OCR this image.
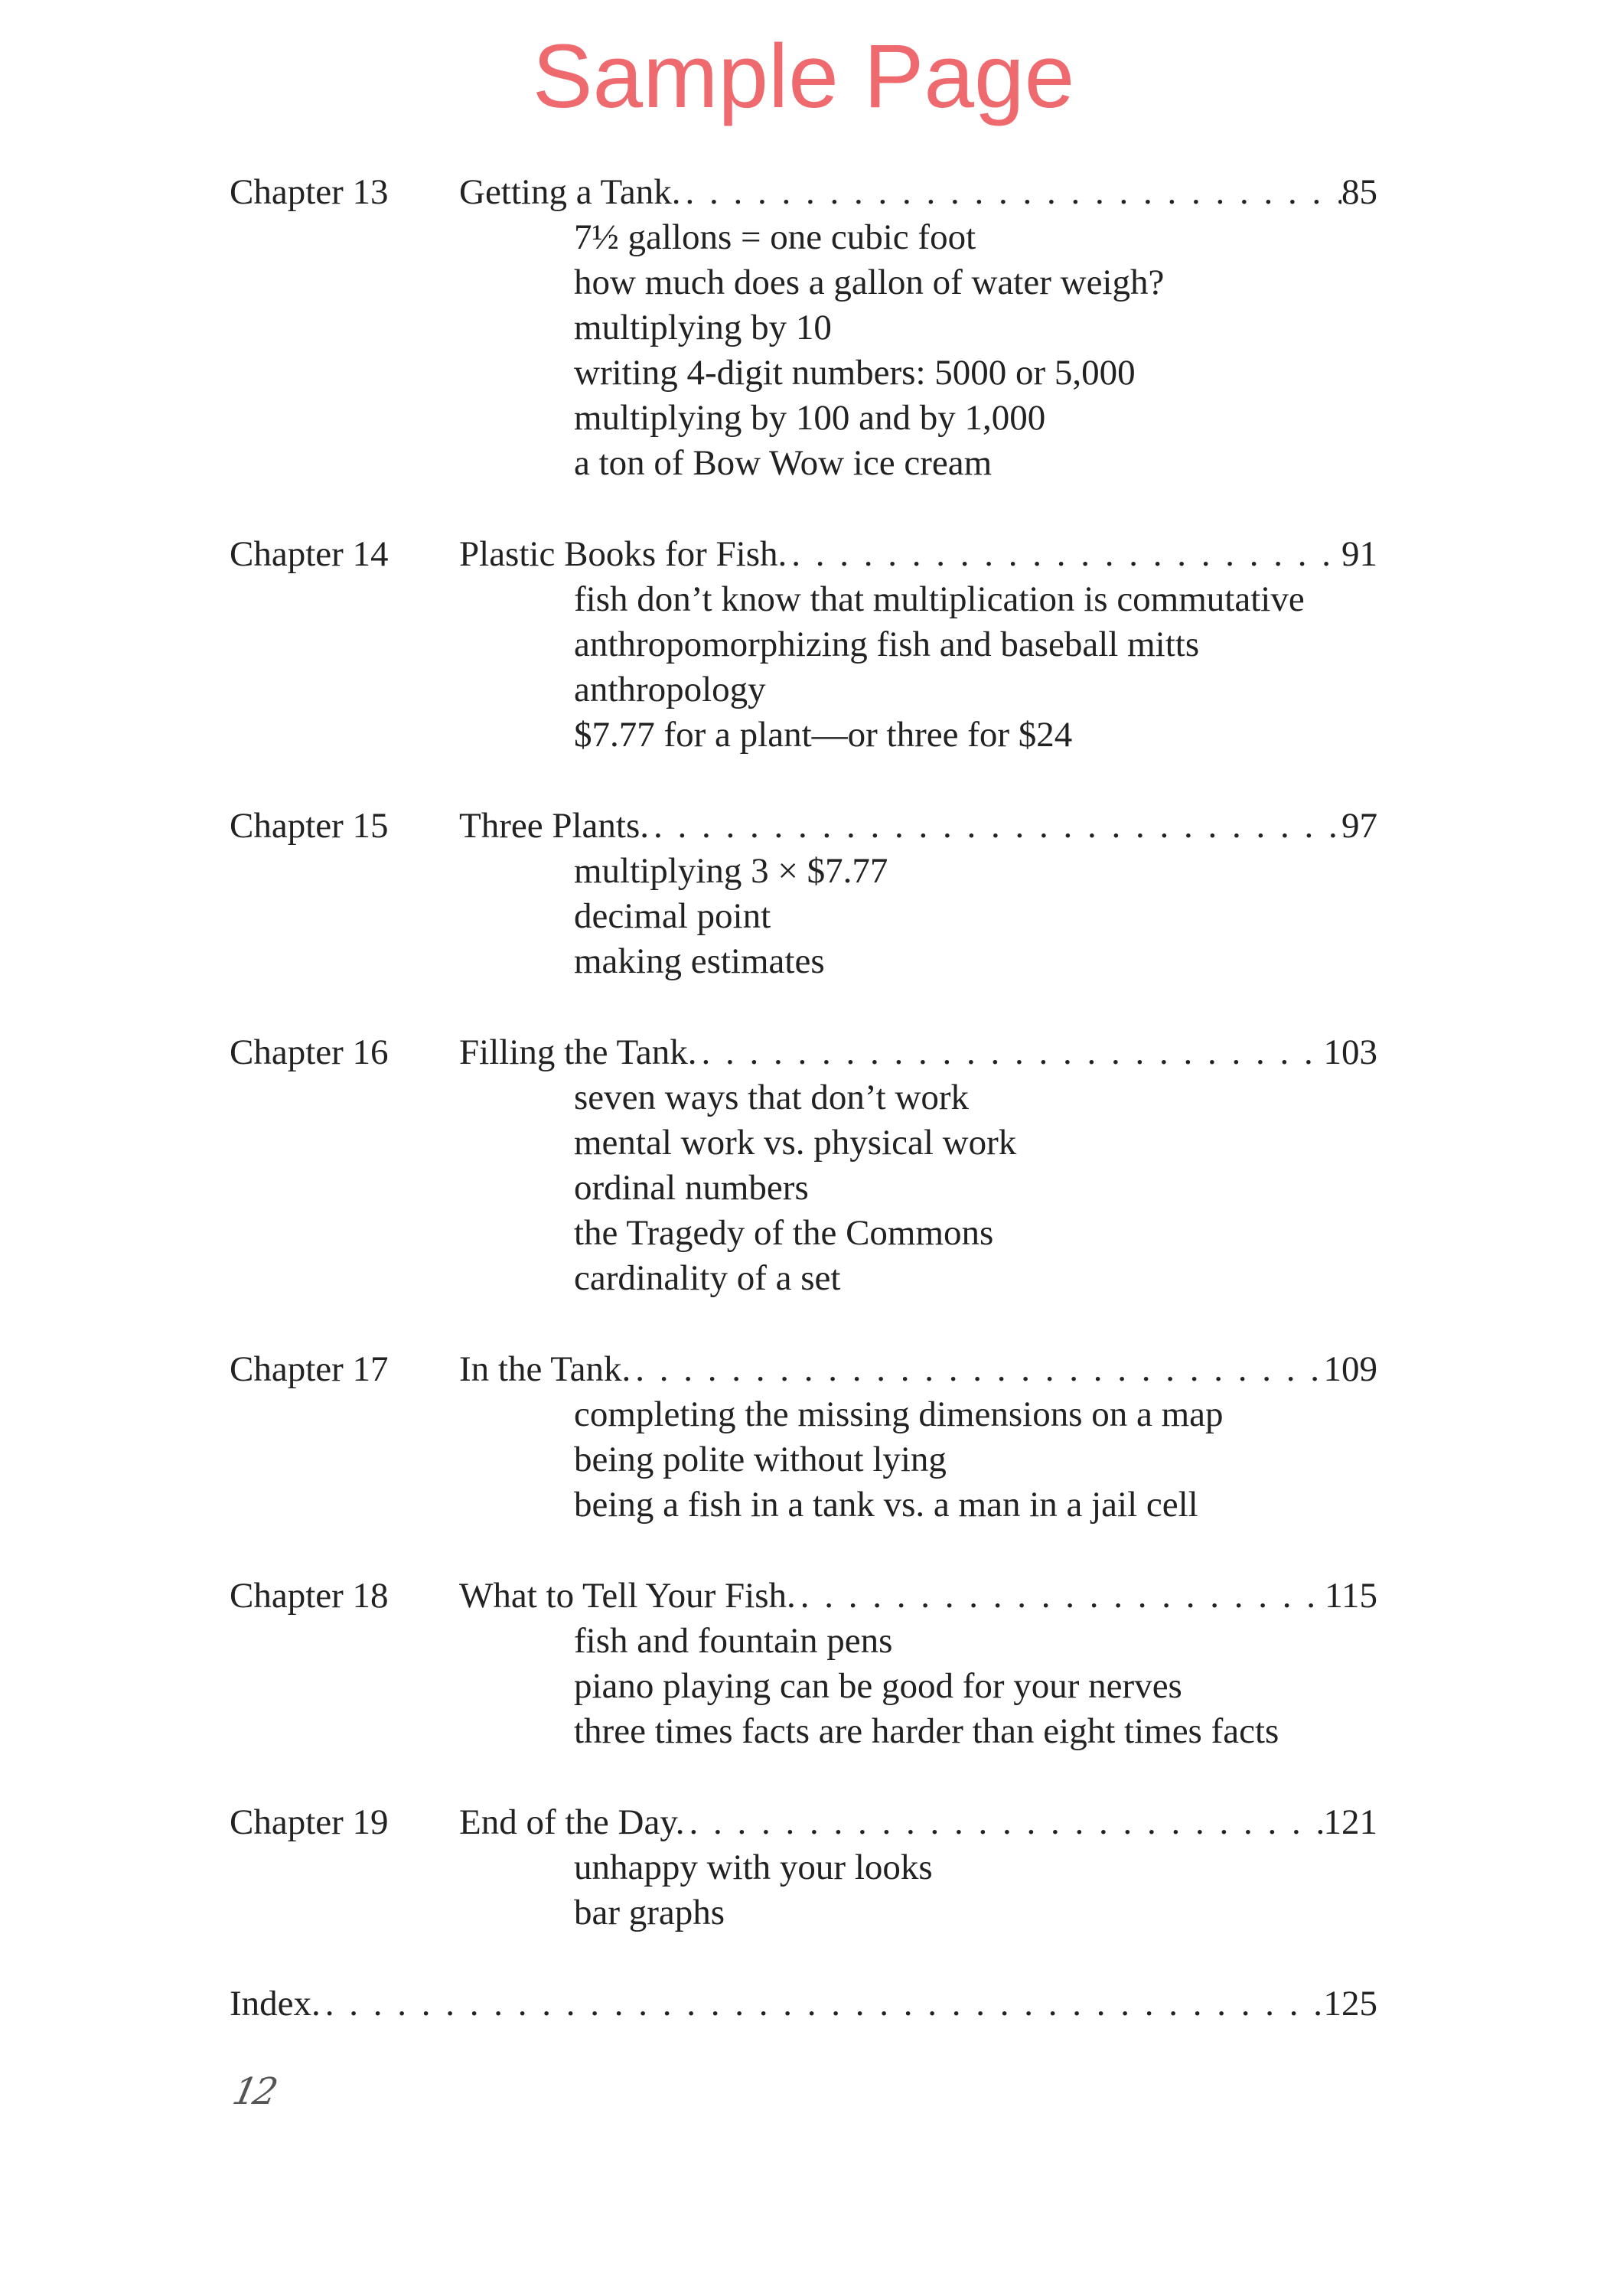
Sample Page
Chapter 13	Getting a Tank. . . .	85
7½ gallons = one cubic foot
how much does a gallon of water weigh?
multiplying by 10
writing 4-digit numbers: 5000 or 5,000
multiplying by 100 and by 1,000
a ton of Bow Wow ice cream
Chapter 14	Plastic Books for Fish. . . .	91
fish don’t know that multiplication is commutative
anthropomorphizing fish and baseball mitts
anthropology
$7.77 for a plant—or three for $24
Chapter 15	Three Plants. . . .	97
multiplying 3 × $7.77
decimal point
making estimates
Chapter 16	Filling the Tank. . . .	103
seven ways that don’t work
mental work vs. physical work
ordinal numbers
the Tragedy of the Commons
cardinality of a set
Chapter 17	In the Tank. . . .	109
completing the missing dimensions on a map
being polite without lying
being a fish in a tank vs. a man in a jail cell
Chapter 18	What to Tell Your Fish. . . .	115
fish and fountain pens
piano playing can be good for your nerves
three times facts are harder than eight times facts
Chapter 19	End of the Day. . . .	121
unhappy with your looks
bar graphs
Index. . . .	125
12
